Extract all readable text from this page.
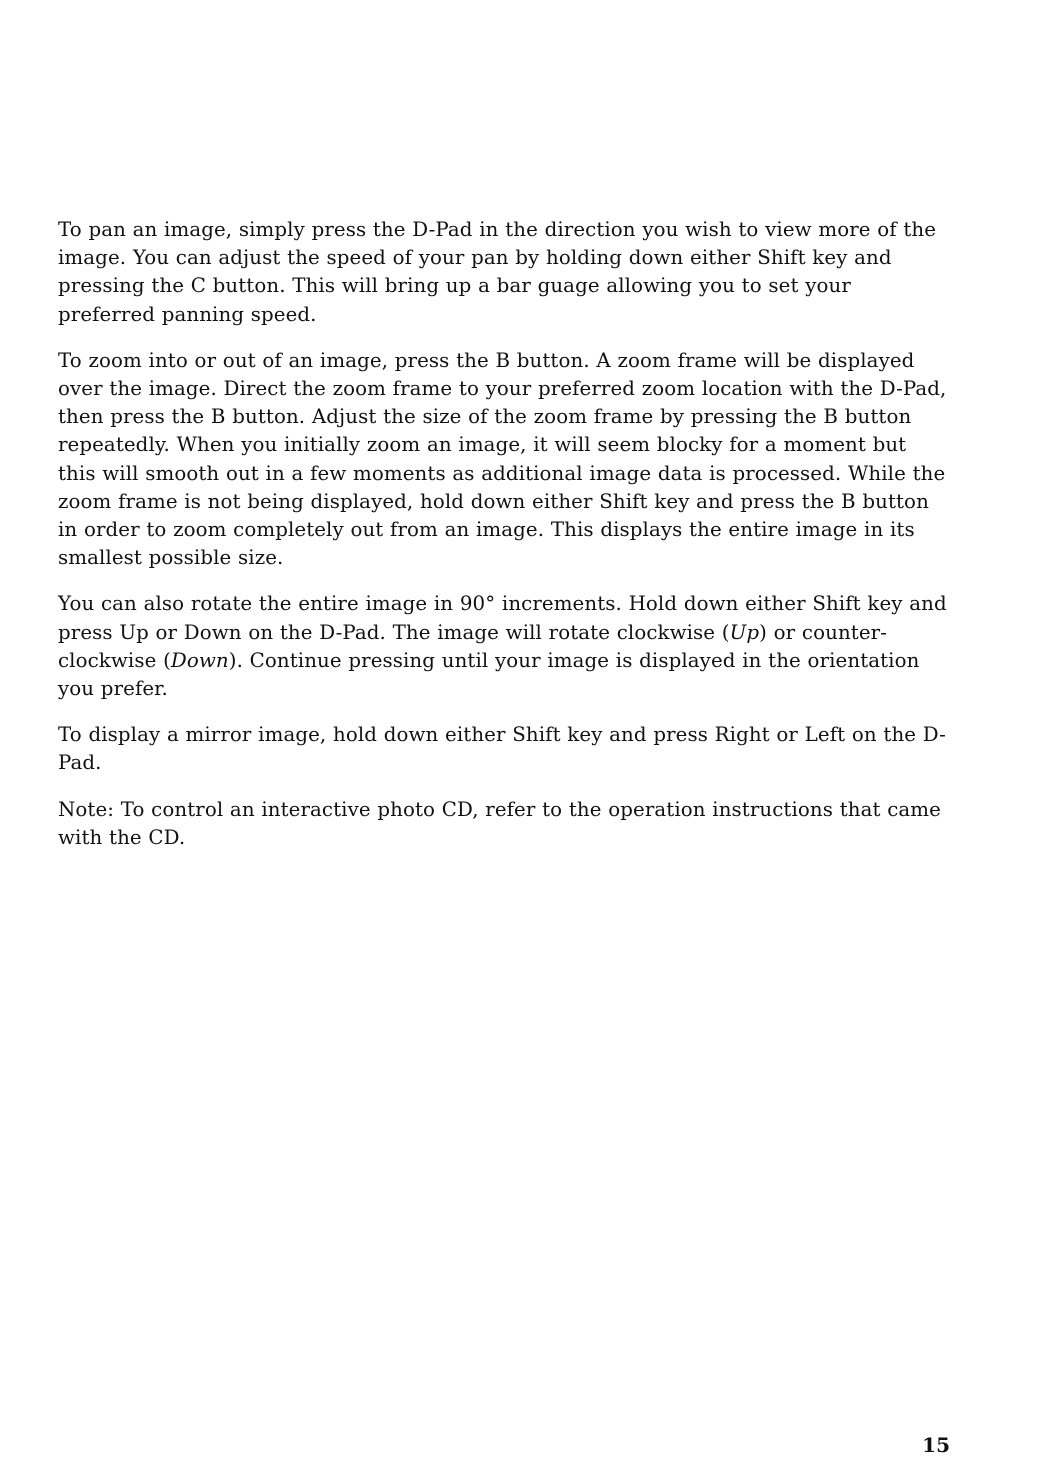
To pan an image, simply press the D-Pad in the direction you wish to view more of the image. You can adjust the speed of your pan by holding down either Shift key and pressing the C button. This will bring up a bar guage allowing you to set your preferred panning speed.

To zoom into or out of an image, press the B button. A zoom frame will be displayed over the image. Direct the zoom frame to your preferred zoom location with the D-Pad, then press the B button. Adjust the size of the zoom frame by pressing the B button repeatedly. When you initially zoom an image, it will seem blocky for a moment but this will smooth out in a few moments as additional image data is processed. While the zoom frame is not being displayed, hold down either Shift key and press the B button in order to zoom completely out from an image. This displays the entire image in its smallest possible size.

You can also rotate the entire image in 90° increments. Hold down either Shift key and press Up or Down on the D-Pad. The image will rotate clockwise (Up) or counter-clockwise (Down). Continue pressing until your image is displayed in the orientation you prefer.

To display a mirror image, hold down either Shift key and press Right or Left on the D-Pad.

Note: To control an interactive photo CD, refer to the operation instructions that came with the CD.

15
